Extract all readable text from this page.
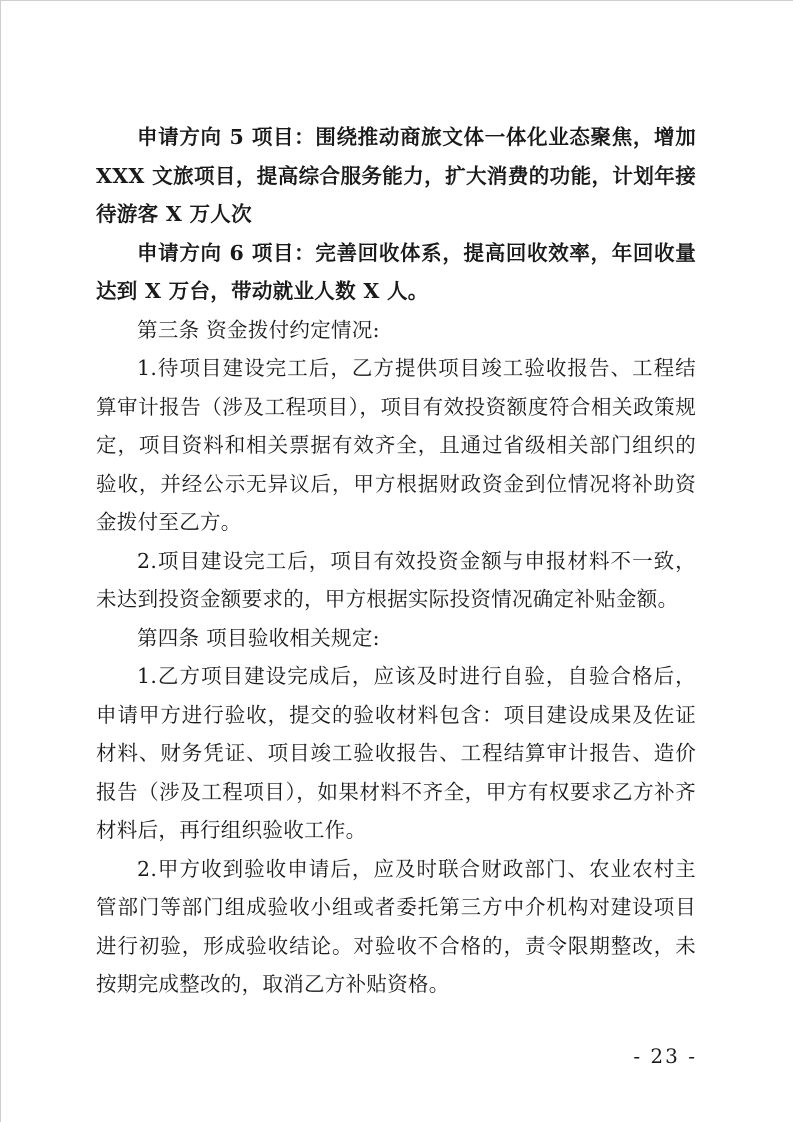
申请方向 5 项目：围绕推动商旅文体一体化业态聚焦，增加 XXX 文旅项目，提高综合服务能力，扩大消费的功能，计划年接待游客 X 万人次

申请方向 6 项目：完善回收体系，提高回收效率，年回收量达到 X 万台，带动就业人数 X 人。

第三条 资金拨付约定情况:

1.待项目建设完工后，乙方提供项目竣工验收报告、工程结算审计报告（涉及工程项目），项目有效投资额度符合相关政策规定，项目资料和相关票据有效齐全，且通过省级相关部门组织的验收，并经公示无异议后，甲方根据财政资金到位情况将补助资金拨付至乙方。

2.项目建设完工后，项目有效投资金额与申报材料不一致，未达到投资金额要求的，甲方根据实际投资情况确定补贴金额。

第四条 项目验收相关规定:

1.乙方项目建设完成后，应该及时进行自验，自验合格后，申请甲方进行验收，提交的验收材料包含：项目建设成果及佐证材料、财务凭证、项目竣工验收报告、工程结算审计报告、造价报告（涉及工程项目），如果材料不齐全，甲方有权要求乙方补齐材料后，再行组织验收工作。

2.甲方收到验收申请后，应及时联合财政部门、农业农村主管部门等部门组成验收小组或者委托第三方中介机构对建设项目进行初验，形成验收结论。对验收不合格的，责令限期整改，未按期完成整改的，取消乙方补贴资格。

- 23 -
